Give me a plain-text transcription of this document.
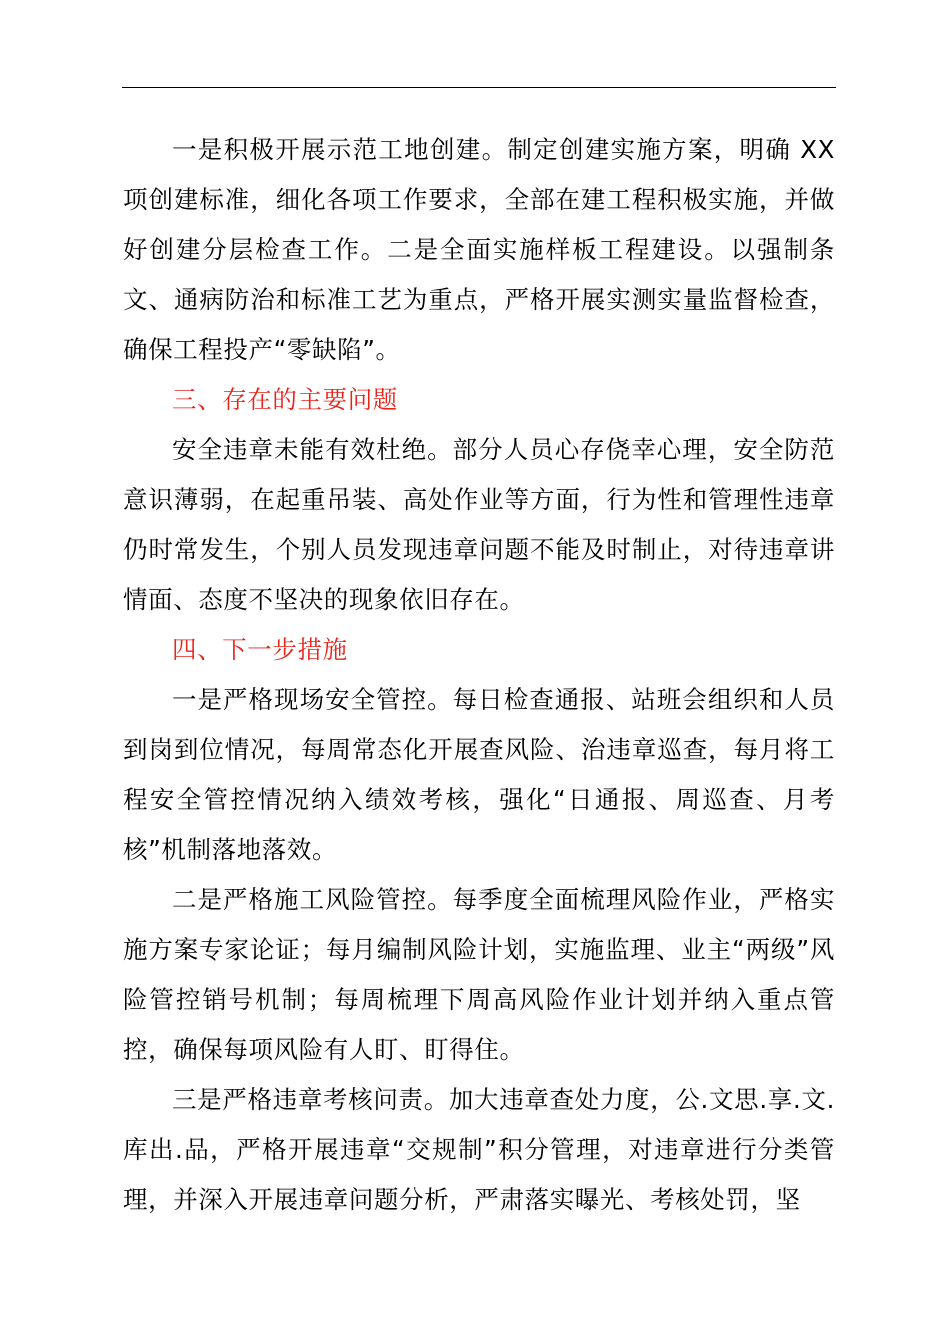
一是积极开展示范工地创建。制定创建实施方案，明确 XX 项创建标准，细化各项工作要求，全部在建工程积极实施，并做好创建分层检查工作。二是全面实施样板工程建设。以强制条文、通病防治和标准工艺为重点，严格开展实测实量监督检查，确保工程投产“零缺陷”。

三、存在的主要问题

安全违章未能有效杜绝。部分人员心存侥幸心理，安全防范意识薄弱，在起重吊装、高处作业等方面，行为性和管理性违章仍时常发生，个别人员发现违章问题不能及时制止，对待违章讲情面、态度不坚决的现象依旧存在。

四、下一步措施

一是严格现场安全管控。每日检查通报、站班会组织和人员到岗到位情况，每周常态化开展查风险、治违章巡查，每月将工程安全管控情况纳入绩效考核，强化“日通报、周巡查、月考核”机制落地落效。

二是严格施工风险管控。每季度全面梳理风险作业，严格实施方案专家论证；每月编制风险计划，实施监理、业主“两级”风险管控销号机制；每周梳理下周高风险作业计划并纳入重点管控，确保每项风险有人盯、盯得住。

三是严格违章考核问责。加大违章查处力度，公.文思.享.文.库出.品，严格开展违章“交规制”积分管理，对违章进行分类管理，并深入开展违章问题分析，严肃落实曝光、考核处罚，坚
